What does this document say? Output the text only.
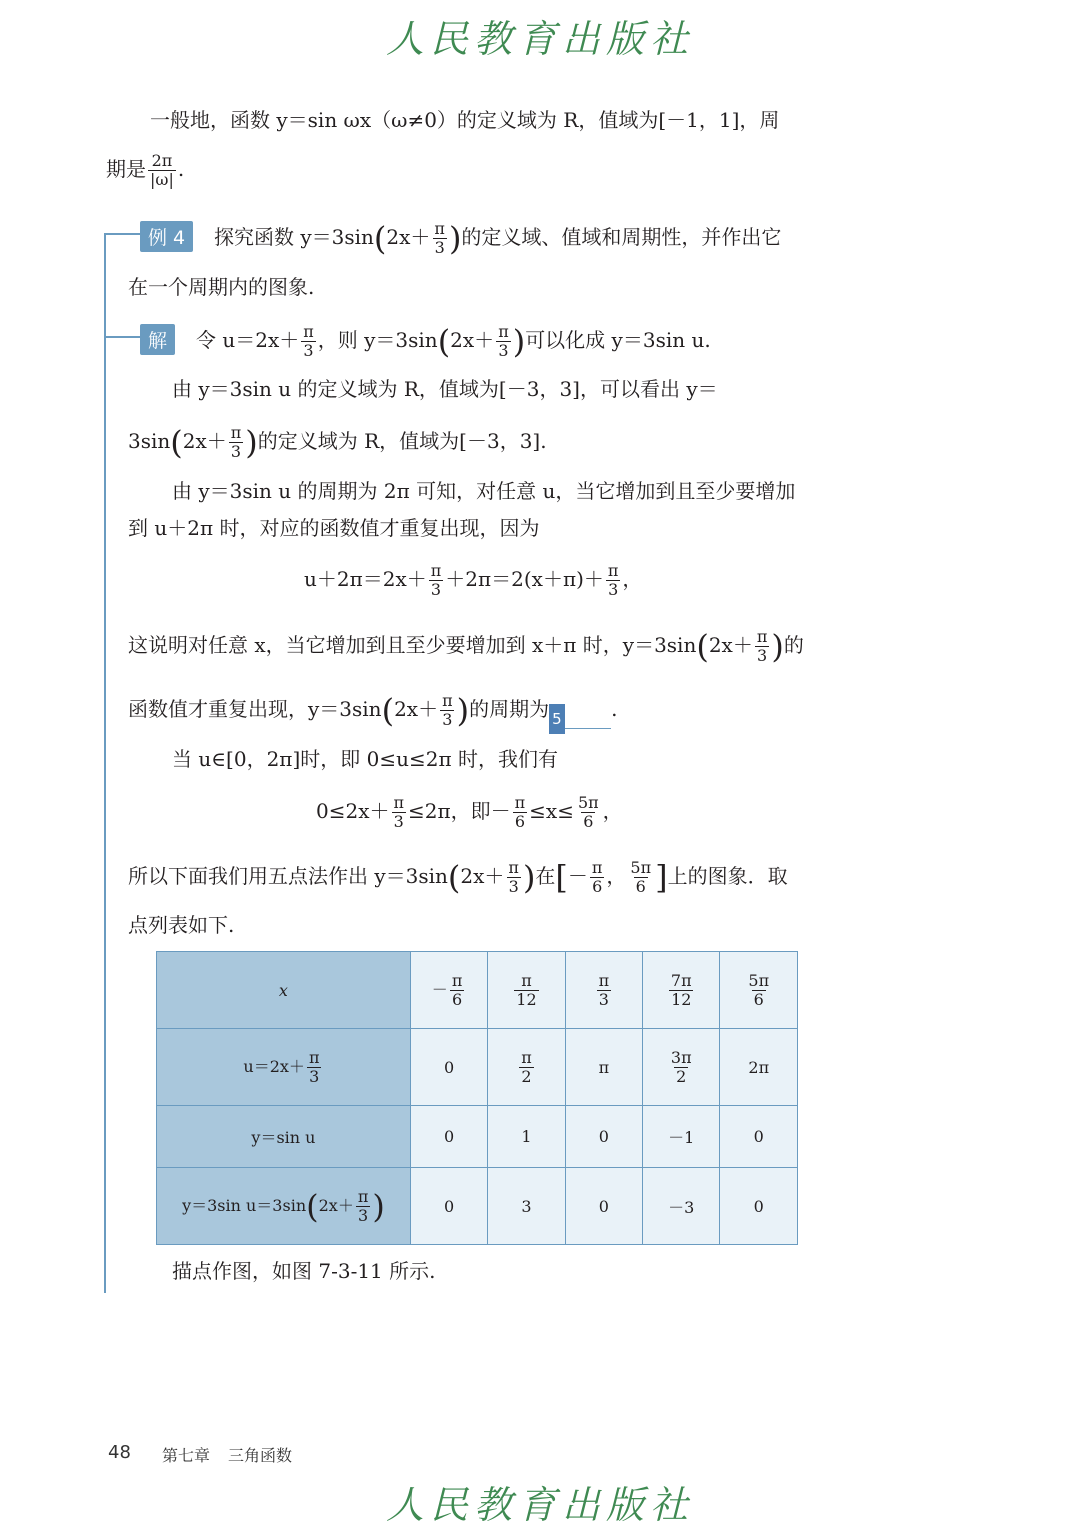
人民教育出版社
一般地，函数 y＝sin ωx（ω≠0）的定义域为 R，值域为[－1，1]，周
期是 $\frac{2\pi}{|\omega|}$ .
例 4	探究函数 $y=3\sin(2x+ \frac{\pi}{3}$ )的定义域、值域和周期性，并作出它
在一个周期内的图象.
解	令 $u=2x+ \frac{\pi}{3}$ ，则 $y=3\sin(2x+ \frac{\pi}{3}$ )可以化成 y＝3sin u.
由 y＝3sin u 的定义域为 R，值域为[－3，3]，可以看出 y＝
$3\sin(2x+ \frac{\pi}{3}$ )的定义域为 R，值域为[－3，3].
由 y＝3sin u 的周期为 2π 可知，对任意 u，当它增加到且至少要增加
到 u＋2π 时，对应的函数值才重复出现，因为
$u+2\pi=2x+ \frac{\pi}{3} +2\pi=2(x+\pi)+ \frac{\pi}{3}$ ，
这说明对任意 x，当它增加到且至少要增加到 x＋π 时，$y=3\sin(2x+ \frac{\pi}{3}$ )的
函数值才重复出现，$y=3\sin(2x+ \frac{\pi}{3}$ )的周期为 5 .
当 u∈[0，2π]时，即 0≤u≤2π 时，我们有
$0\le 2x+ \frac{\pi}{3} \le 2\pi$，即－ $\frac{\pi}{6} \le x\le \frac{5\pi}{6}$ ，
所以下面我们用五点法作出 $y=3\sin(2x+ \frac{\pi}{3}$ )在[－ $\frac{\pi}{6}$ ， $\frac{5\pi}{6}$ ]上的图象．取
点列表如下.
x	－ $\frac{\pi}{6}$	$\frac{\pi}{12}$	$\frac{\pi}{3}$	$\frac{7\pi}{12}$	$\frac{5\pi}{6}$

$u=2x+ \frac{\pi}{3}$	0	$\frac{\pi}{2}$	π	$\frac{3\pi}{2}$	2π
y＝sin u	0	1	0	－1	0
y＝3sin $u=3\sin(2x+ \frac{\pi}{3}$ )	0	3	0	－3	0
描点作图，如图 7-3-11 所示.
48 第七章 三角函数
人民教育出版社
